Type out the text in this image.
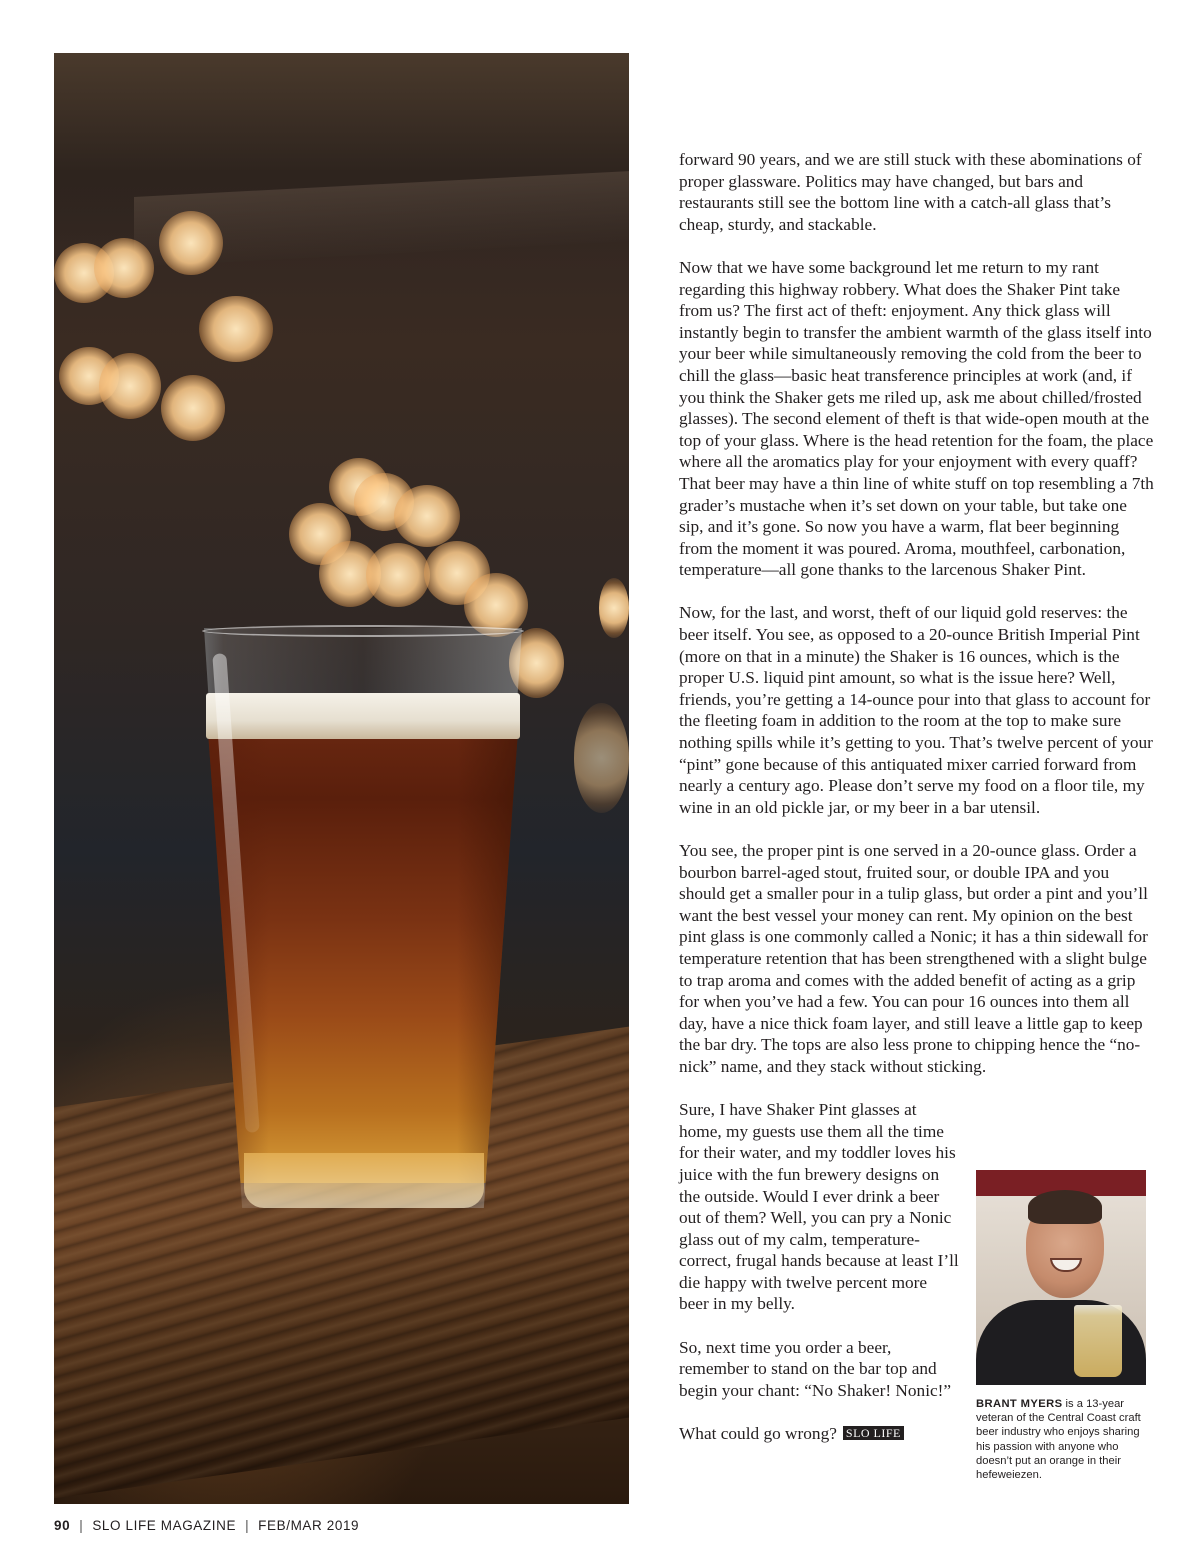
forward 90 years, and we are still stuck with these abominations of proper glassware. Politics may have changed, but bars and restaurants still see the bottom line with a catch-all glass that’s cheap, sturdy, and stackable.

Now that we have some background let me return to my rant regarding this highway robbery. What does the Shaker Pint take from us? The first act of theft: enjoyment. Any thick glass will instantly begin to transfer the ambient warmth of the glass itself into your beer while simultaneously removing the cold from the beer to chill the glass—basic heat transference principles at work (and, if you think the Shaker gets me riled up, ask me about chilled/frosted glasses). The second element of theft is that wide-open mouth at the top of your glass. Where is the head retention for the foam, the place where all the aromatics play for your enjoyment with every quaff? That beer may have a thin line of white stuff on top resembling a 7th grader’s mustache when it’s set down on your table, but take one sip, and it’s gone. So now you have a warm, flat beer beginning from the moment it was poured. Aroma, mouthfeel, carbonation, temperature—all gone thanks to the larcenous Shaker Pint.

Now, for the last, and worst, theft of our liquid gold reserves: the beer itself. You see, as opposed to a 20-ounce British Imperial Pint (more on that in a minute) the Shaker is 16 ounces, which is the proper U.S. liquid pint amount, so what is the issue here? Well, friends, you’re getting a 14-ounce pour into that glass to account for the fleeting foam in addition to the room at the top to make sure nothing spills while it’s getting to you. That’s twelve percent of your “pint” gone because of this antiquated mixer carried forward from nearly a century ago. Please don’t serve my food on a floor tile, my wine in an old pickle jar, or my beer in a bar utensil.

You see, the proper pint is one served in a 20-ounce glass. Order a bourbon barrel-aged stout, fruited sour, or double IPA and you should get a smaller pour in a tulip glass, but order a pint and you’ll want the best vessel your money can rent. My opinion on the best pint glass is one commonly called a Nonic; it has a thin sidewall for temperature retention that has been strengthened with a slight bulge to trap aroma and comes with the added benefit of acting as a grip for when you’ve had a few. You can pour 16 ounces into them all day, have a nice thick foam layer, and still leave a little gap to keep the bar dry. The tops are also less prone to chipping hence the “no-nick” name, and they stack without sticking.

Sure, I have Shaker Pint glasses at home, my guests use them all the time for their water, and my toddler loves his juice with the fun brewery designs on the outside. Would I ever drink a beer out of them? Well, you can pry a Nonic glass out of my calm, temperature-correct, frugal hands because at least I’ll die happy with twelve percent more beer in my belly.

So, next time you order a beer, remember to stand on the bar top and begin your chant: “No Shaker! Nonic!”

What could go wrong? SLO LIFE

BRANT MYERS is a 13-year veteran of the Central Coast craft beer industry who enjoys sharing his passion with anyone who doesn’t put an orange in their hefeweiezen.
90 | SLO LIFE MAGAZINE | FEB/MAR 2019
